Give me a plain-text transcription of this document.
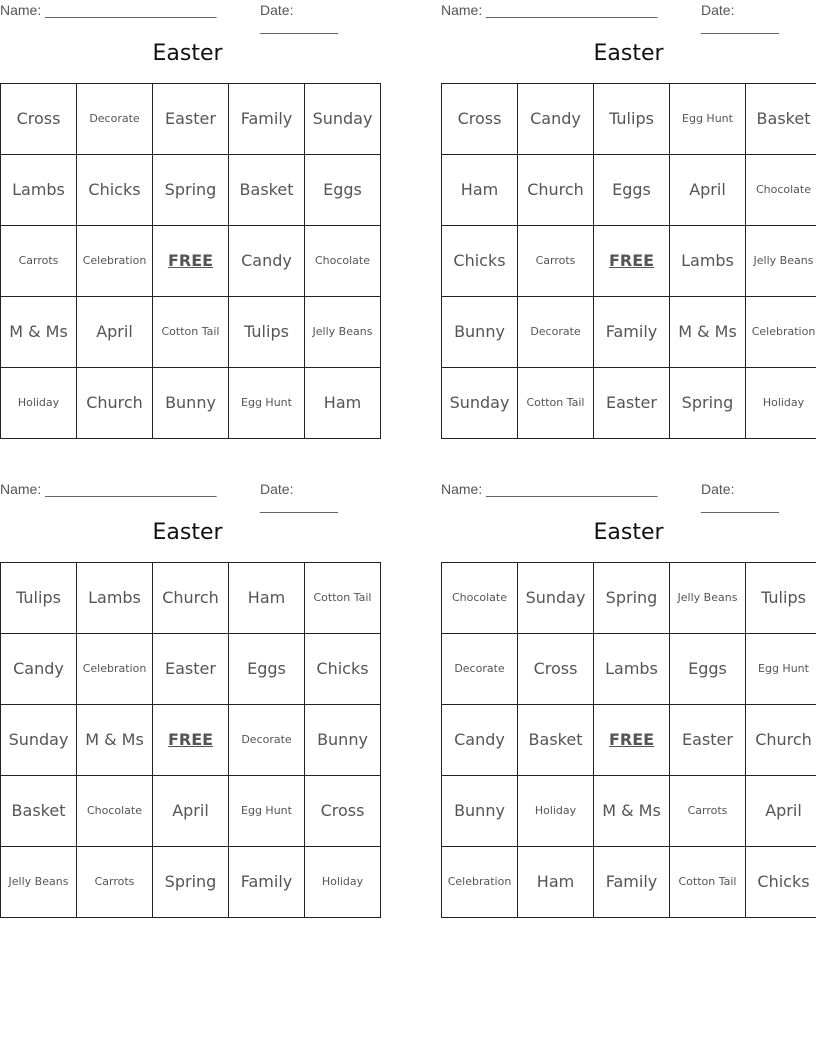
Name: ______________________	Date: __________
Easter
Cross	Decorate	Easter	Family	Sunday
Lambs	Chicks	Spring	Basket	Eggs
Carrots	Celebration	FREE	Candy	Chocolate
M & Ms	April	Cotton Tail	Tulips	Jelly Beans
Holiday	Church	Bunny	Egg Hunt	Ham
Name: ______________________	Date: __________
Easter
Cross	Candy	Tulips	Egg Hunt	Basket
Ham	Church	Eggs	April	Chocolate
Chicks	Carrots	FREE	Lambs	Jelly Beans
Bunny	Decorate	Family	M & Ms	Celebration
Sunday	Cotton Tail	Easter	Spring	Holiday
Name: ______________________	Date: __________
Easter
Tulips	Lambs	Church	Ham	Cotton Tail
Candy	Celebration	Easter	Eggs	Chicks
Sunday	M & Ms	FREE	Decorate	Bunny
Basket	Chocolate	April	Egg Hunt	Cross
Jelly Beans	Carrots	Spring	Family	Holiday
Name: ______________________	Date: __________
Easter
Chocolate	Sunday	Spring	Jelly Beans	Tulips
Decorate	Cross	Lambs	Eggs	Egg Hunt
Candy	Basket	FREE	Easter	Church
Bunny	Holiday	M & Ms	Carrots	April
Celebration	Ham	Family	Cotton Tail	Chicks
